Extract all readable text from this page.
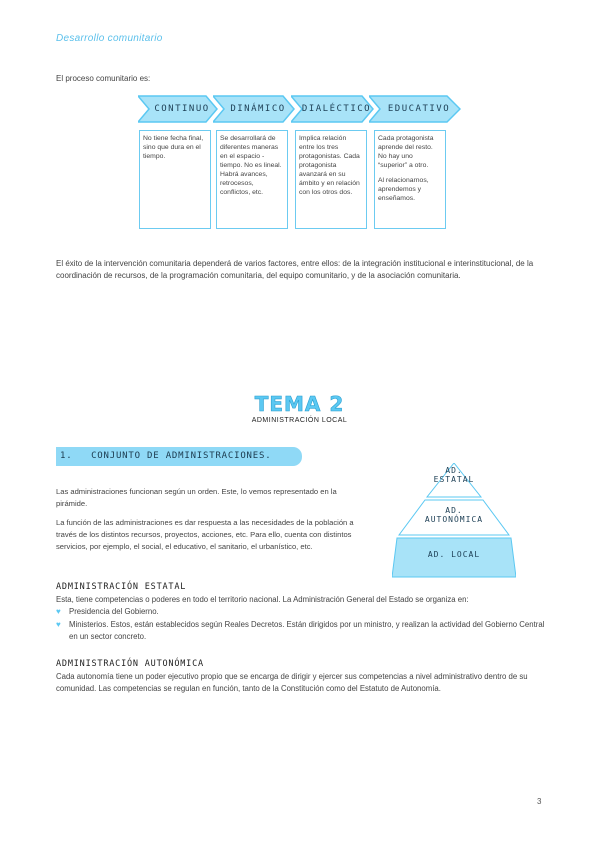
Desarrollo comunitario
El proceso comunitario es:
CONTINUO	DINÁMICO	DIALÉCTICO	EDUCATIVO

No tiene fecha final, sino que dura en el tiempo.

Se desarrollará de diferentes maneras en el espacio - tiempo. No es lineal. Habrá avances, retrocesos, conflictos, etc.

Implica relación entre los tres protagonistas. Cada protagonista avanzará en su ámbito y en relación con los otros dos.

Cada protagonista aprende del resto. No hay uno “superior” a otro.

Al relacionarnos, aprendemos y enseñamos.

El éxito de la intervención comunitaria dependerá de varios factores, entre ellos: de la integración institucional e interinstitucional, de la coordinación de recursos, de la programación comunitaria, del equipo comunitario, y de la asociación comunitaria.
TEMA 2
ADMINISTRACIÓN LOCAL
1. CONJUNTO DE ADMINISTRACIONES.
Las administraciones funcionan según un orden. Este, lo vemos representado en la pirámide.
La función de las administraciones es dar respuesta a las necesidades de la población a través de los distintos recursos, proyectos, acciones, etc. Para ello, cuenta con distintos servicios, por ejemplo, el social, el educativo, el sanitario, el urbanístico, etc.
AD.
ESTATAL
AD.
AUTONÓMICA
AD. LOCAL
ADMINISTRACIÓN ESTATAL
Esta, tiene competencias o poderes en todo el territorio nacional. La Administración General del Estado se organiza en:
♥ Presidencia del Gobierno.
♥ Ministerios. Estos, están establecidos según Reales Decretos. Están dirigidos por un ministro, y realizan la actividad del Gobierno Central en un sector concreto.
ADMINISTRACIÓN AUTONÓMICA
Cada autonomía tiene un poder ejecutivo propio que se encarga de dirigir y ejercer sus competencias a nivel administrativo dentro de su comunidad. Las competencias se regulan en función, tanto de la Constitución como del Estatuto de Autonomía.
3
